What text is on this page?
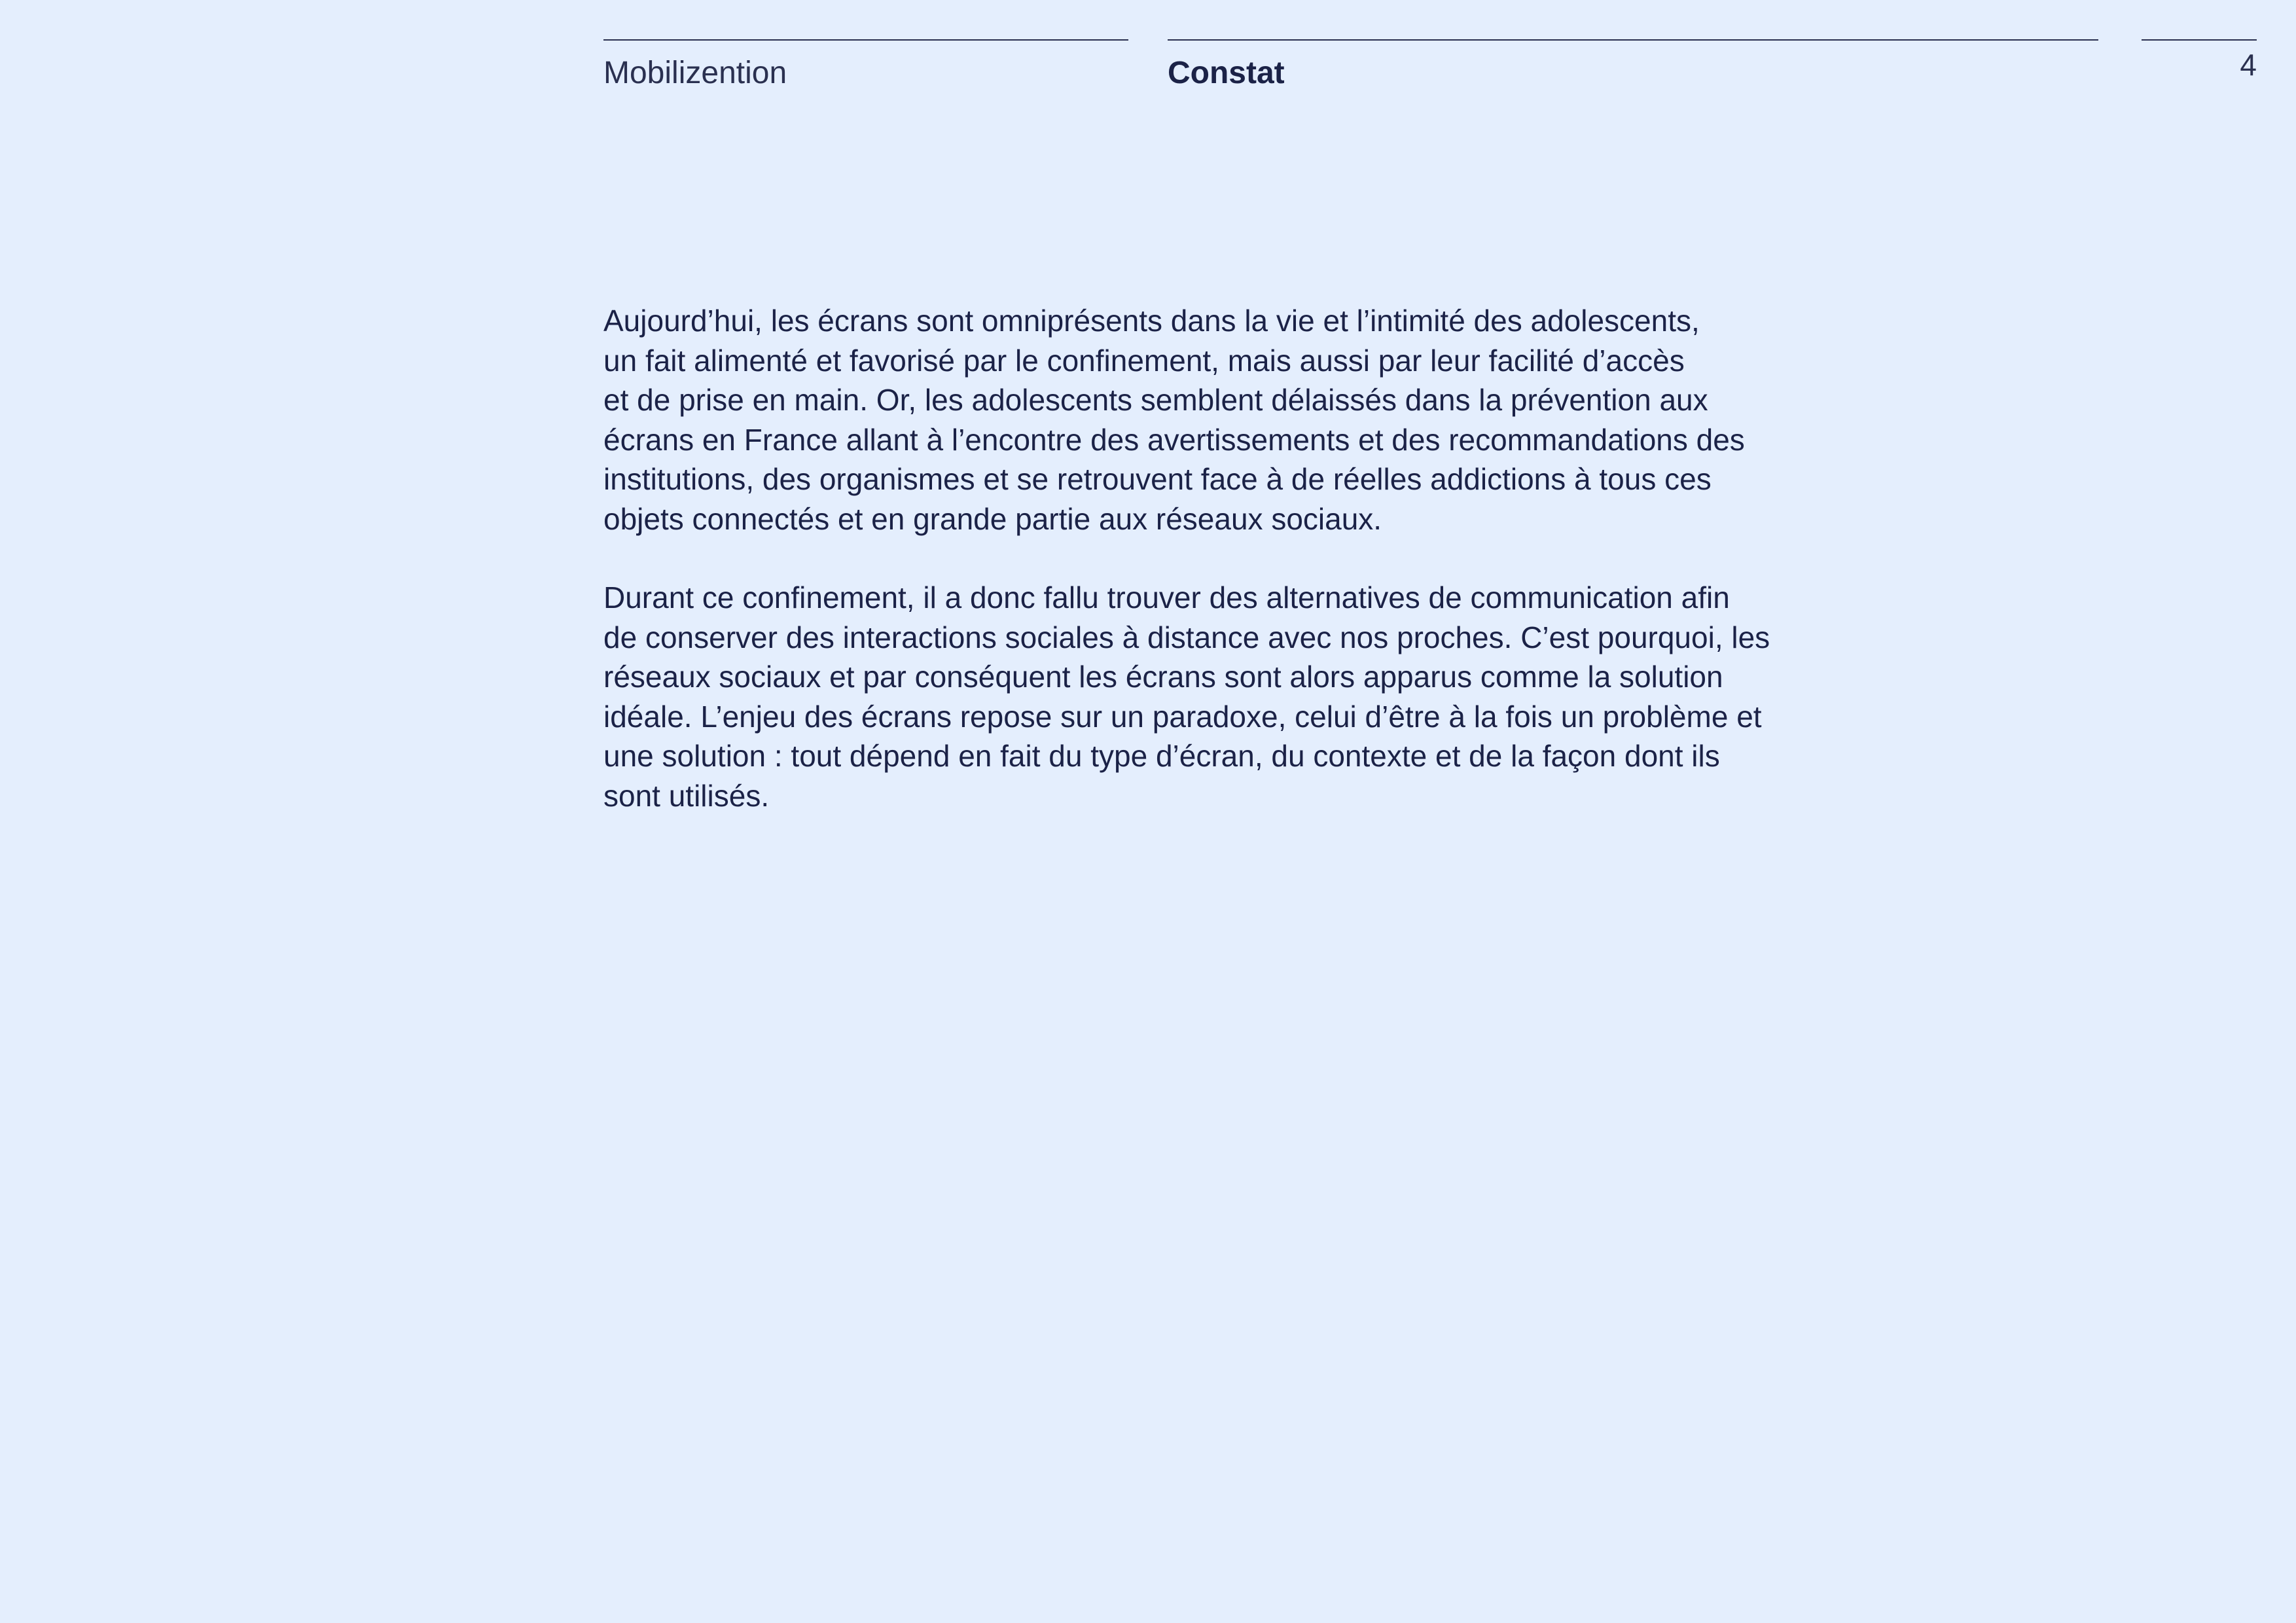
Mobilizention	Constat	4

Aujourd’hui, les écrans sont omniprésents dans la vie et l’intimité des adolescents,
un fait alimenté et favorisé par le confinement, mais aussi par leur facilité d’accès
et de prise en main. Or, les adolescents semblent délaissés dans la prévention aux
écrans en France allant à l’encontre des avertissements et des recommandations des
institutions, des organismes et se retrouvent face à de réelles addictions à tous ces
objets connectés et en grande partie aux réseaux sociaux.

Durant ce confinement, il a donc fallu trouver des alternatives de communication afin
de conserver des interactions sociales à distance avec nos proches. C’est pourquoi, les
réseaux sociaux et par conséquent les écrans sont alors apparus comme la solution
idéale. L’enjeu des écrans repose sur un paradoxe, celui d’être à la fois un problème et
une solution : tout dépend en fait du type d’écran, du contexte et de la façon dont ils
sont utilisés.
